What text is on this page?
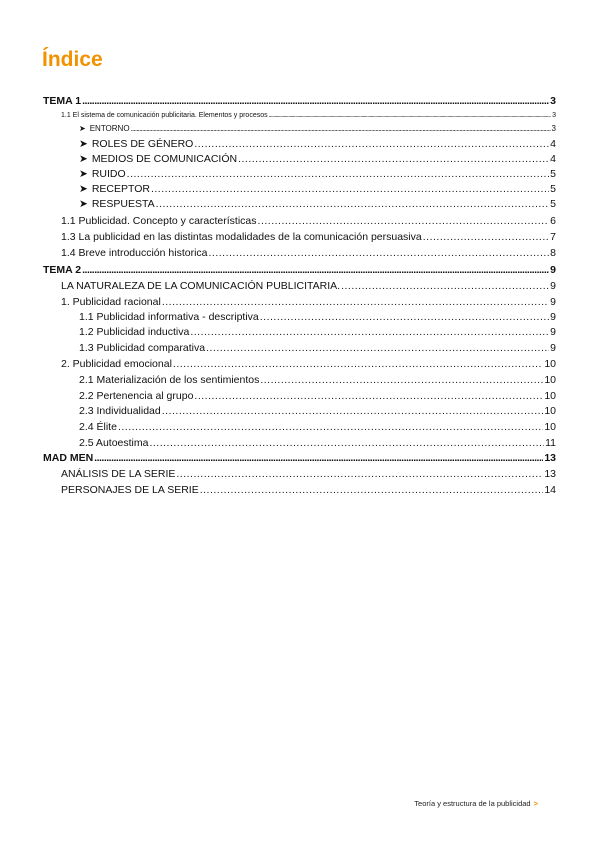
Índice
TEMA 1 .....	3
1.1 El sistema de comunicación publicitaria. Elementos y procesos .....	3
➤ ENTORNO .....	3
➤ ROLES DE GÉNERO .....	4
➤ MEDIOS DE COMUNICACIÓN .....	4
➤ RUIDO .....	5
➤ RECEPTOR .....	5
➤ RESPUESTA .....	5
1.1 Publicidad. Concepto y características .....	6
1.3 La publicidad en las distintas modalidades de la comunicación persuasiva .....	7
1.4 Breve introducción historica .....	8
TEMA 2 .....	9
LA NATURALEZA DE LA COMUNICACIÓN PUBLICITARIA. .....	9
1. Publicidad racional .....	9
1.1 Publicidad informativa - descriptiva .....	9
1.2 Publicidad inductiva .....	9
1.3 Publicidad comparativa .....	9
2. Publicidad emocional .....	10
2.1 Materialización de los sentimientos .....	10
2.2 Pertenencia al grupo .....	10
2.3 Individualidad .....	10
2.4 Élite .....	10
2.5 Autoestima .....	11
MAD MEN .....	13
ANÁLISIS DE LA SERIE .....	13
PERSONAJES DE LA SERIE .....	14
Teoría y estructura de la publicidad >
